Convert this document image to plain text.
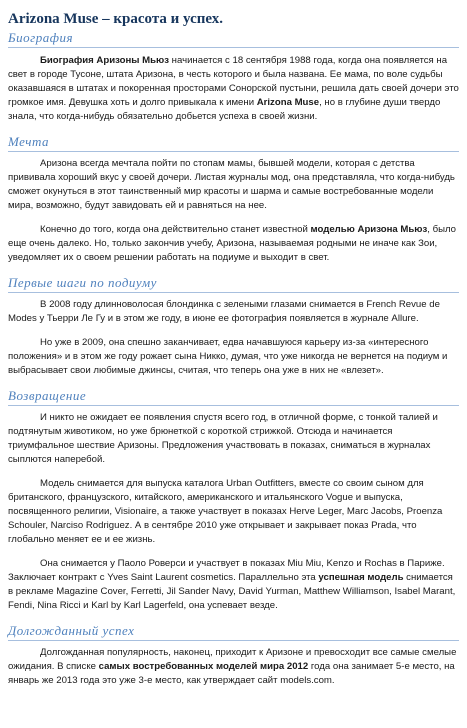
Arizona Muse – красота и успех.
Биография

Биография Аризоны Мьюз начинается с 18 сентября 1988 года, когда она появляется на свет в городе Тусоне, штата Аризона, в честь которого и была названа. Ее мама, по воле судьбы оказавшаяся в штатах и покоренная просторами Сонорской пустыни, решила дать своей дочери это громкое имя. Девушка хоть и долго привыкала к имени Arizona Muse, но в глубине души твердо знала, что когда-нибудь обязательно добьется успеха в своей жизни.

Мечта

Аризона всегда мечтала пойти по стопам мамы, бывшей модели, которая с детства прививала хороший вкус у своей дочери. Листая журналы мод, она представляла, что когда-нибудь сможет окунуться в этот таинственный мир красоты и шарма и самые востребованные модели мира, возможно, будут завидовать ей и равняться на нее.

Конечно до того, когда она действительно станет известной моделью Аризона Мьюз, было еще очень далеко. Но, только закончив учебу, Аризона, называемая родными не иначе как Зои, уведомляет их о своем решении работать на подиуме и выходит в свет.

Первые шаги по подиуму

В 2008 году длинноволосая блондинка с зелеными глазами снимается в French Revue de Modes у Тьерри Ле Гу и в этом же году, в июне ее фотография появляется в журнале Allure.

Но уже в 2009, она спешно заканчивает, едва начавшуюся карьеру из-за «интересного положения» и в этом же году рожает сына Никко, думая, что уже никогда не вернется на подиум и выбрасывает свои любимые джинсы, считая, что теперь она уже в них не «влезет».

Возвращение

И никто не ожидает ее появления спустя всего год, в отличной форме, с тонкой талией и подтянутым животиком, но уже брюнеткой с короткой стрижкой. Отсюда и начинается триумфальное шествие Аризоны. Предложения участвовать в показах, сниматься в журналах сыплются наперебой.

Модель снимается для выпуска каталога Urban Outfitters, вместе со своим сыном для британского, французского, китайского, американского и итальянского Vogue и выпуска, посвященного религии, Visionaire, а также участвует в показах Herve Leger, Marc Jacobs, Proenza Schouler, Narciso Rodriguez. А в сентябре 2010 уже открывает и закрывает показ Prada, что глобально меняет ее и ее жизнь.

Она снимается у Паоло Роверси и участвует в показах Miu Miu, Kenzo и Rochas в Париже. Заключает контракт с Yves Saint Laurent cosmetics. Параллельно эта успешная модель снимается в рекламе Magazine Cover, Ferretti, Jil Sander Navy, David Yurman, Matthew Williamson, Isabel Marant, Fendi, Nina Ricci и Karl by Karl Lagerfeld, она успевает везде.

Долгожданный успех

Долгожданная популярность, наконец, приходит к Аризоне и превосходит все самые смелые ожидания. В списке самых востребованных моделей мира 2012 года она занимает 5-е место, на январь же 2013 года это уже 3-е место, как утверждает сайт models.com.
